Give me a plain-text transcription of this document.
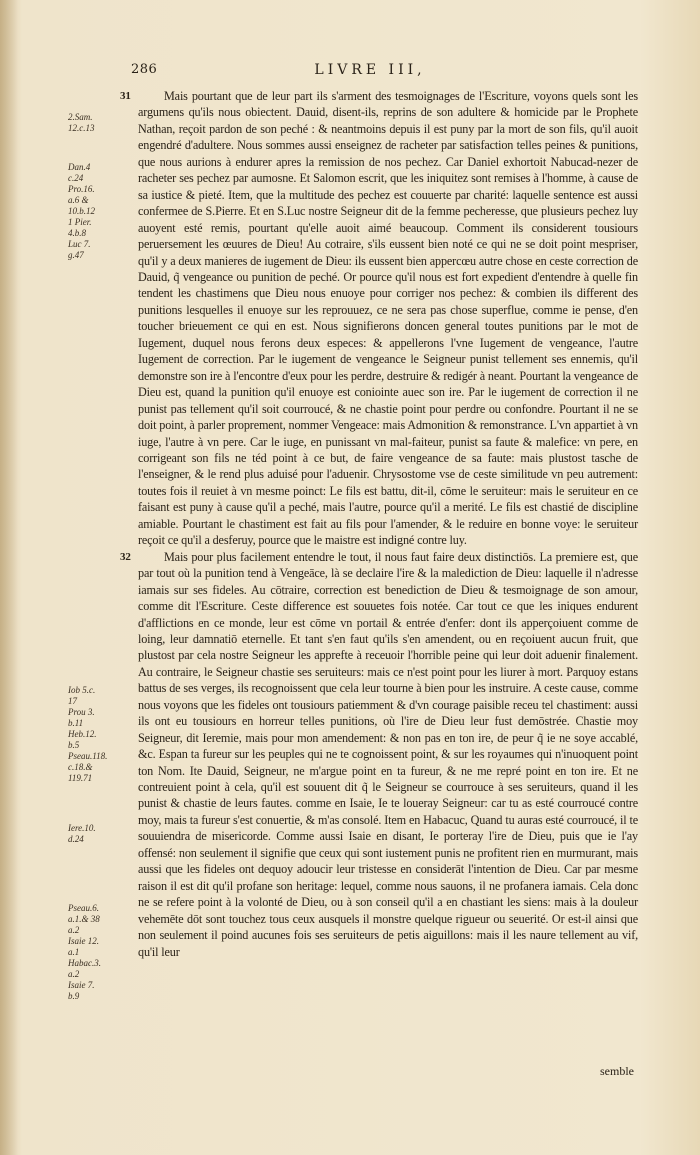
286	LIVRE III,
2.Sam.
12.c.13
Dan.4
c.24
Pro.16.
a.6 &
10.b.12
1 Pier.
4.b.8
Luc 7.
g.47
Iob 5.c.
17
Prou 3.
b.11
Heb.12.
b.5
Pseau.118.
c.18.&
119.71
Iere.10.
d.24
Pseau.6.
a.1.& 38
a.2
Isaie 12.
a.1
Habac.3.
a.2
Isaie 7.
b.9

31	Mais pourtant que de leur part ils s'arment des tesmoignages de l'Escriture, voyons quels sont les argumens qu'ils nous obiectent. Dauid, disent-ils, reprins de son adultere & homicide par le Prophete Nathan, reçoit pardon de son peché : & neantmoins depuis il est puny par la mort de son fils, qu'il auoit engendré d'adultere. Nous sommes aussi enseignez de racheter par satisfaction telles peines & punitions, que nous aurions à endurer apres la remission de nos pechez. Car Daniel exhortoit Nabucad-nezer de racheter ses pechez par aumosne. Et Salomon escrit, que les iniquitez sont remises à l'homme, à cause de sa iustice & pieté. Item, que la multitude des pechez est couuerte par charité: laquelle sentence est aussi confermee de S.Pierre. Et en S.Luc nostre Seigneur dit de la femme pecheresse, que plusieurs pechez luy auoyent esté remis, pourtant qu'elle auoit aimé beaucoup. Comment ils considerent tousiours peruersement les œuures de Dieu! Au cotraire, s'ils eussent bien noté ce qui ne se doit point mespriser, qu'il y a deux manieres de iugement de Dieu: ils eussent bien appercœu autre chose en ceste correction de Dauid, q̃ vengeance ou punition de peché. Or pource qu'il nous est fort expedient d'entendre à quelle fin tendent les chastimens que Dieu nous enuoye pour corriger nos pechez: & combien ils different des punitions lesquelles il enuoye sur les reprouuez, ce ne sera pas chose superflue, comme ie pense, d'en toucher brieuement ce qui en est. Nous signifierons doncen general toutes punitions par le mot de Iugement, duquel nous ferons deux especes: & appellerons l'vne Iugement de vengeance, l'autre Iugement de correction. Par le iugement de vengeance le Seigneur punist tellement ses ennemis, qu'il demonstre son ire à l'encontre d'eux pour les perdre, destruire & redigér à neant. Pourtant la vengeance de Dieu est, quand la punition qu'il enuoye est coniointe auec son ire. Par le iugement de correction il ne punist pas tellement qu'il soit courroucé, & ne chastie point pour perdre ou confondre. Pourtant il ne se doit point, à parler proprement, nommer Vengeace: mais Admonition & remonstrance. L'vn appartiet à vn iuge, l'autre à vn pere. Car le iuge, en punissant vn mal-faiteur, punist sa faute & malefice: vn pere, en corrigeant son fils ne téd point à ce but, de faire vengeance de sa faute: mais plustost tasche de l'enseigner, & le rend plus aduisé pour l'aduenir. Chrysostome vse de ceste similitude vn peu autrement: toutes fois il reuiet à vn mesme poinct: Le fils est battu, dit-il, cōme le seruiteur: mais le seruiteur en ce faisant est puny à cause qu'il a peché, mais l'autre, pource qu'il a merité. Le fils est chastié de discipline amiable. Pourtant le chastiment est fait au fils pour l'amender, & le reduire en bonne voye: le seruiteur reçoit ce qu'il a desferuy, pource que le maistre est indigné contre luy.

32	Mais pour plus facilement entendre le tout, il nous faut faire deux distinctiōs. La premiere est, que par tout où la punition tend à Vengeāce, là se declaire l'ire & la malediction de Dieu: laquelle il n'adresse iamais sur ses fideles. Au cōtraire, correction est benediction de Dieu & tesmoignage de son amour, comme dit l'Escriture. Ceste difference est souuetes fois notée. Car tout ce que les iniques endurent d'afflictions en ce monde, leur est cōme vn portail & entrée d'enfer: dont ils apperçoiuent comme de loing, leur damnatiō eternelle. Et tant s'en faut qu'ils s'en amendent, ou en reçoiuent aucun fruit, que plustost par cela nostre Seigneur les apprefte à receuoir l'horrible peine qui leur doit aduenir finalement. Au contraire, le Seigneur chastie ses seruiteurs: mais ce n'est point pour les liurer à mort. Parquoy estans battus de ses verges, ils recognoissent que cela leur tourne à bien pour les instruire. A ceste cause, comme nous voyons que les fideles ont tousiours patiemment & d'vn courage paisible receu tel chastiment: aussi ils ont eu tousiours en horreur telles punitions, où l'ire de Dieu leur fust demōstrée. Chastie moy Seigneur, dit Ieremie, mais pour mon amendement: & non pas en ton ire, de peur q̃ ie ne soye accablé, &c. Espan ta fureur sur les peuples qui ne te cognoissent point, & sur les royaumes qui n'inuoquent point ton Nom. Ite Dauid, Seigneur, ne m'argue point en ta fureur, & ne me repré point en ton ire. Et ne contreuient point à cela, qu'il est souuent dit q̃ le Seigneur se courrouce à ses seruiteurs, quand il les punist & chastie de leurs fautes. comme en Isaie, Ie te loueray Seigneur: car tu as esté courroucé contre moy, mais ta fureur s'est conuertie, & m'as consolé. Item en Habacuc, Quand tu auras esté courroucé, il te souuiendra de misericorde. Comme aussi Isaie en disant, Ie porteray l'ire de Dieu, puis que ie l'ay offensé: non seulement il signifie que ceux qui sont iustement punis ne profitent rien en murmurant, mais aussi que les fideles ont dequoy adoucir leur tristesse en considerāt l'intention de Dieu. Car par mesme raison il est dit qu'il profane son heritage: lequel, comme nous sauons, il ne profanera iamais. Cela donc ne se refere point à la volonté de Dieu, ou à son conseil qu'il a en chastiant les siens: mais à la douleur vehemēte dōt sont touchez tous ceux ausquels il monstre quelque rigueur ou seuerité. Or est-il ainsi que non seulement il poind aucunes fois ses seruiteurs de petis aiguillons: mais il les naure tellement au vif, qu'il leur

semble
